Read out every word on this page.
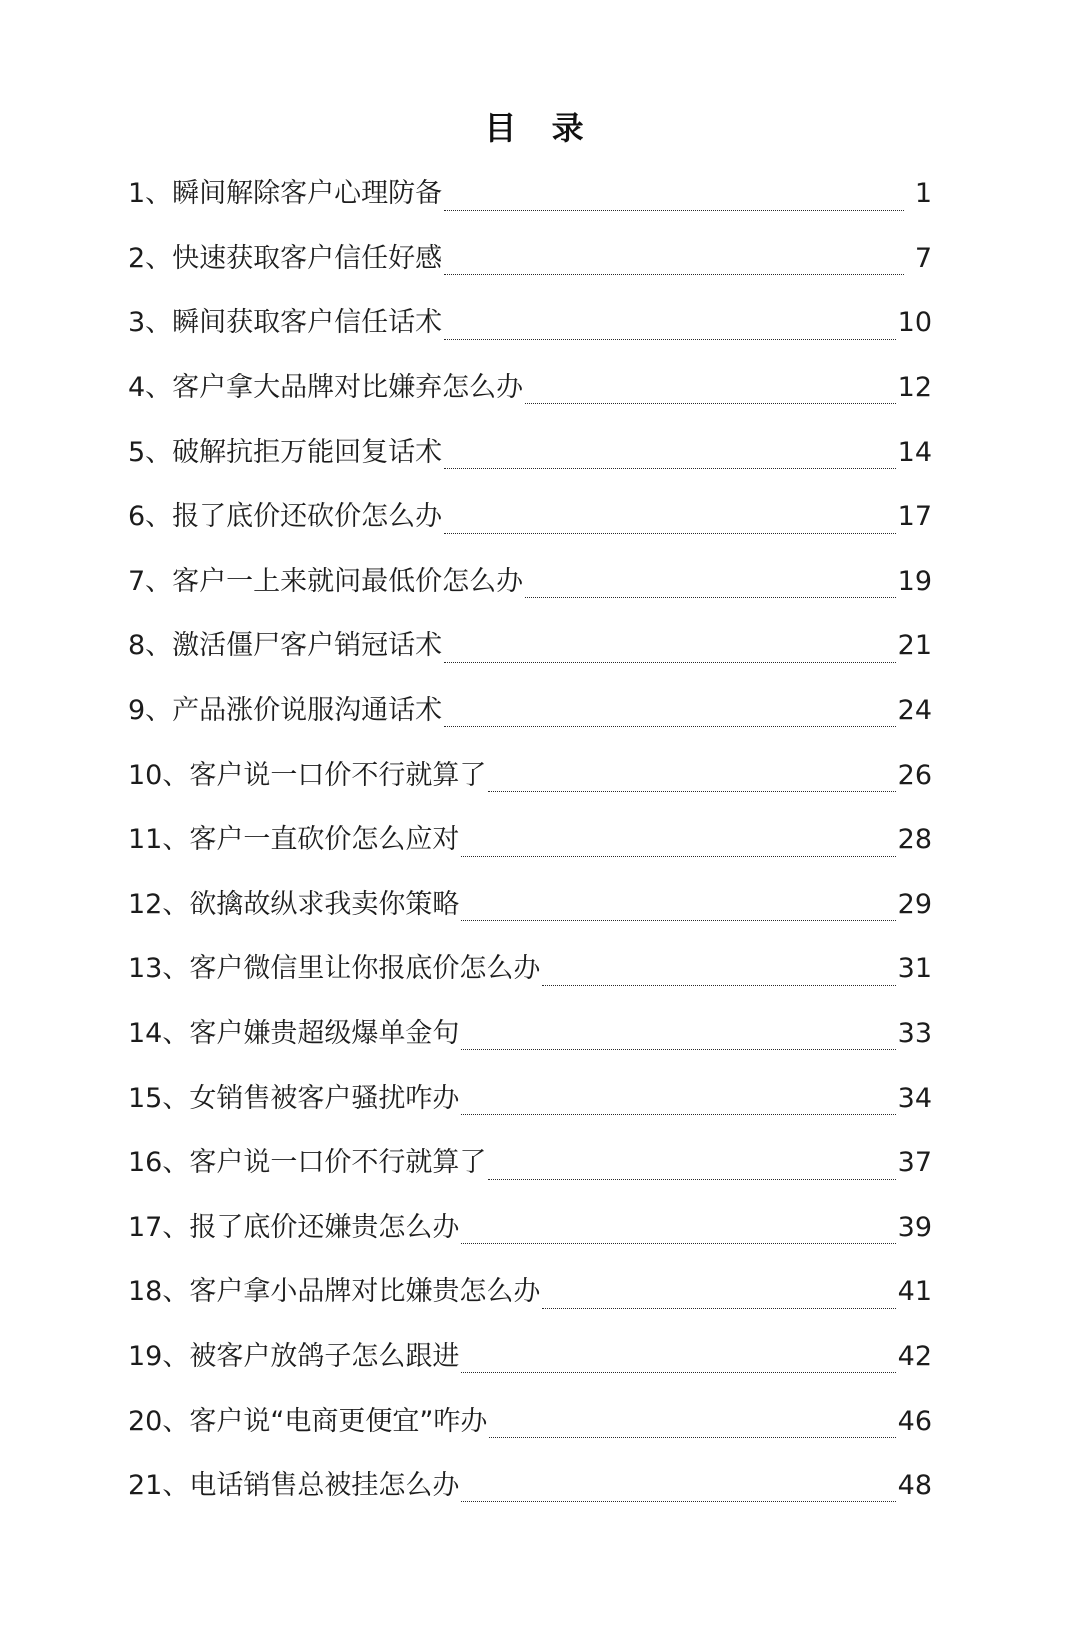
目 录
1、瞬间解除客户心理防备	1
2、快速获取客户信任好感	7
3、瞬间获取客户信任话术	10
4、客户拿大品牌对比嫌弃怎么办	12
5、破解抗拒万能回复话术	14
6、报了底价还砍价怎么办	17
7、客户一上来就问最低价怎么办	19
8、激活僵尸客户销冠话术	21
9、产品涨价说服沟通话术	24
10、客户说一口价不行就算了	26
11、客户一直砍价怎么应对	28
12、欲擒故纵求我卖你策略	29
13、客户微信里让你报底价怎么办	31
14、客户嫌贵超级爆单金句	33
15、女销售被客户骚扰咋办	34
16、客户说一口价不行就算了	37
17、报了底价还嫌贵怎么办	39
18、客户拿小品牌对比嫌贵怎么办	41
19、被客户放鸽子怎么跟进	42
20、客户说“电商更便宜”咋办	46
21、电话销售总被挂怎么办	48
